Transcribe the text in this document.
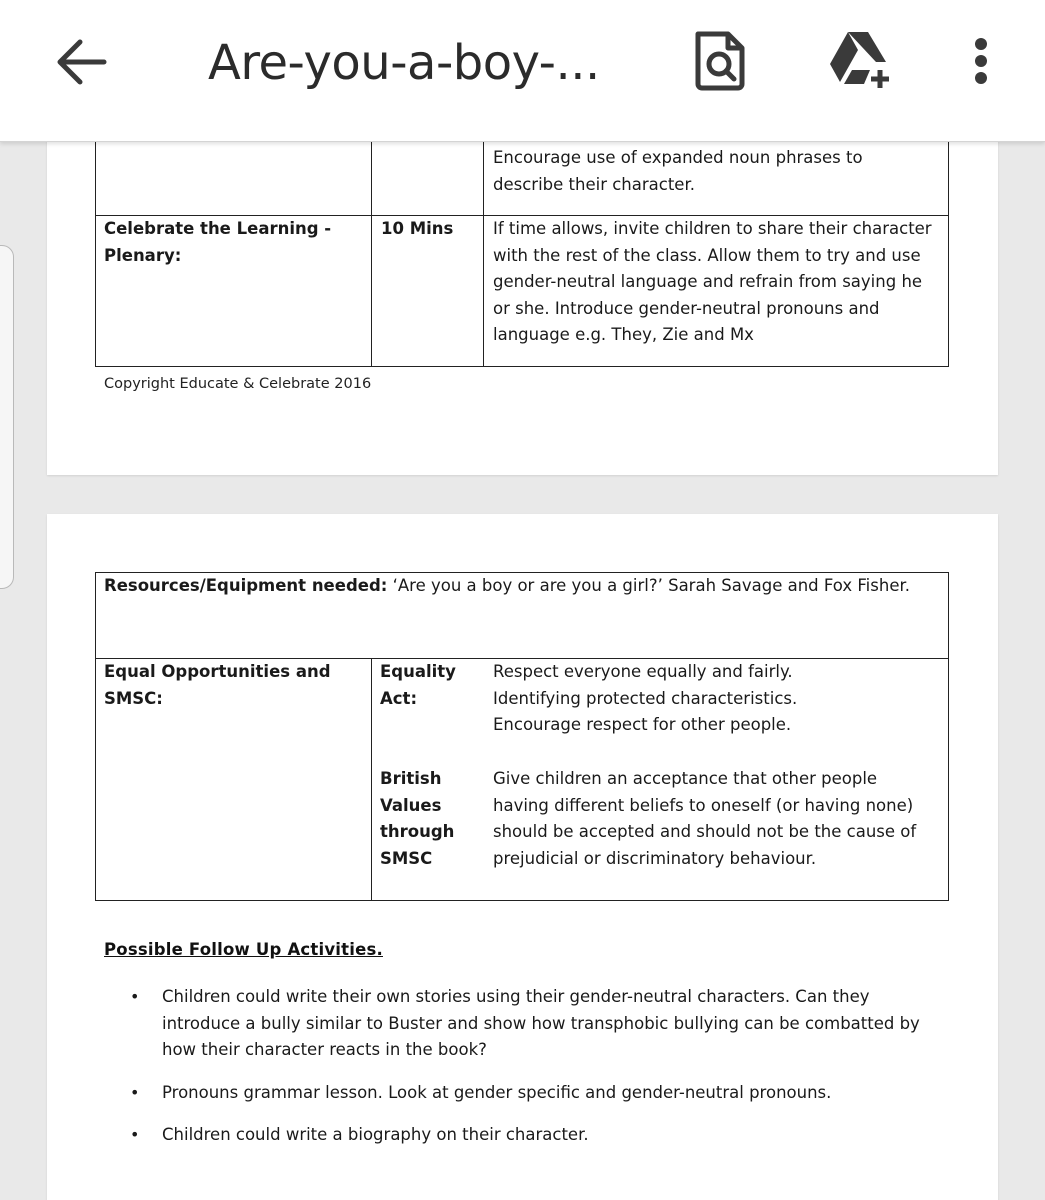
Are-you-a-boy-...
Encourage use of expanded noun phrases to describe their character.
Celebrate the Learning - Plenary:
10 Mins	If time allows, invite children to share their character with the rest of the class. Allow them to try and use gender-neutral language and refrain from saying he or she. Introduce gender-neutral pronouns and language e.g. They, Zie and Mx
Copyright Educate & Celebrate 2016
Resources/Equipment needed: ‘Are you a boy or are you a girl?’ Sarah Savage and Fox Fisher.
Equal Opportunities and SMSC:
Equality Act:
Respect everyone equally and fairly.
Identifying protected characteristics.
Encourage respect for other people.
British Values through SMSC
Give children an acceptance that other people having different beliefs to oneself (or having none) should be accepted and should not be the cause of prejudicial or discriminatory behaviour.
Possible Follow Up Activities.
• Children could write their own stories using their gender-neutral characters. Can they introduce a bully similar to Buster and show how transphobic bullying can be combatted by how their character reacts in the book?
• Pronouns grammar lesson. Look at gender specific and gender-neutral pronouns.
• Children could write a biography on their character.
